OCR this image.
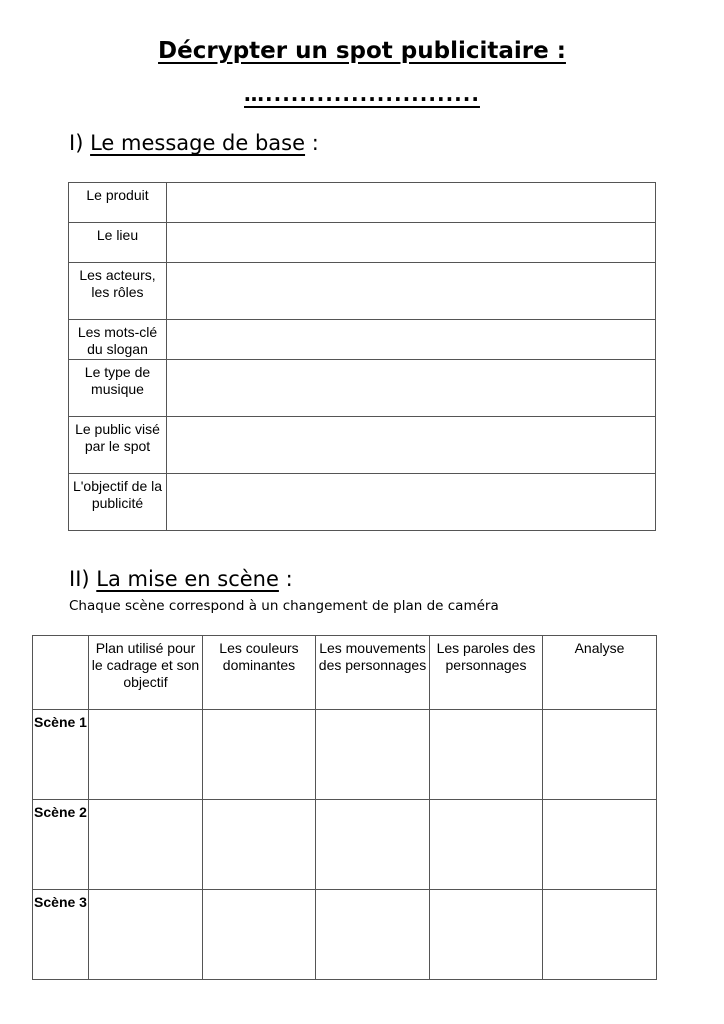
Décrypter un spot publicitaire :
….........................
I) Le message de base :
Le produit	
Le lieu	
Les acteurs, les rôles	
Les mots-clé du slogan	
Le type de musique	
Le public visé par le spot	
L'objectif de la publicité	
II) La mise en scène :
Chaque scène correspond à un changement de plan de caméra
	Plan utilisé pour le cadrage et son objectif	Les couleurs dominantes	Les mouvements des personnages	Les paroles des personnages	Analyse
Scène 1					
Scène 2					
Scène 3					
